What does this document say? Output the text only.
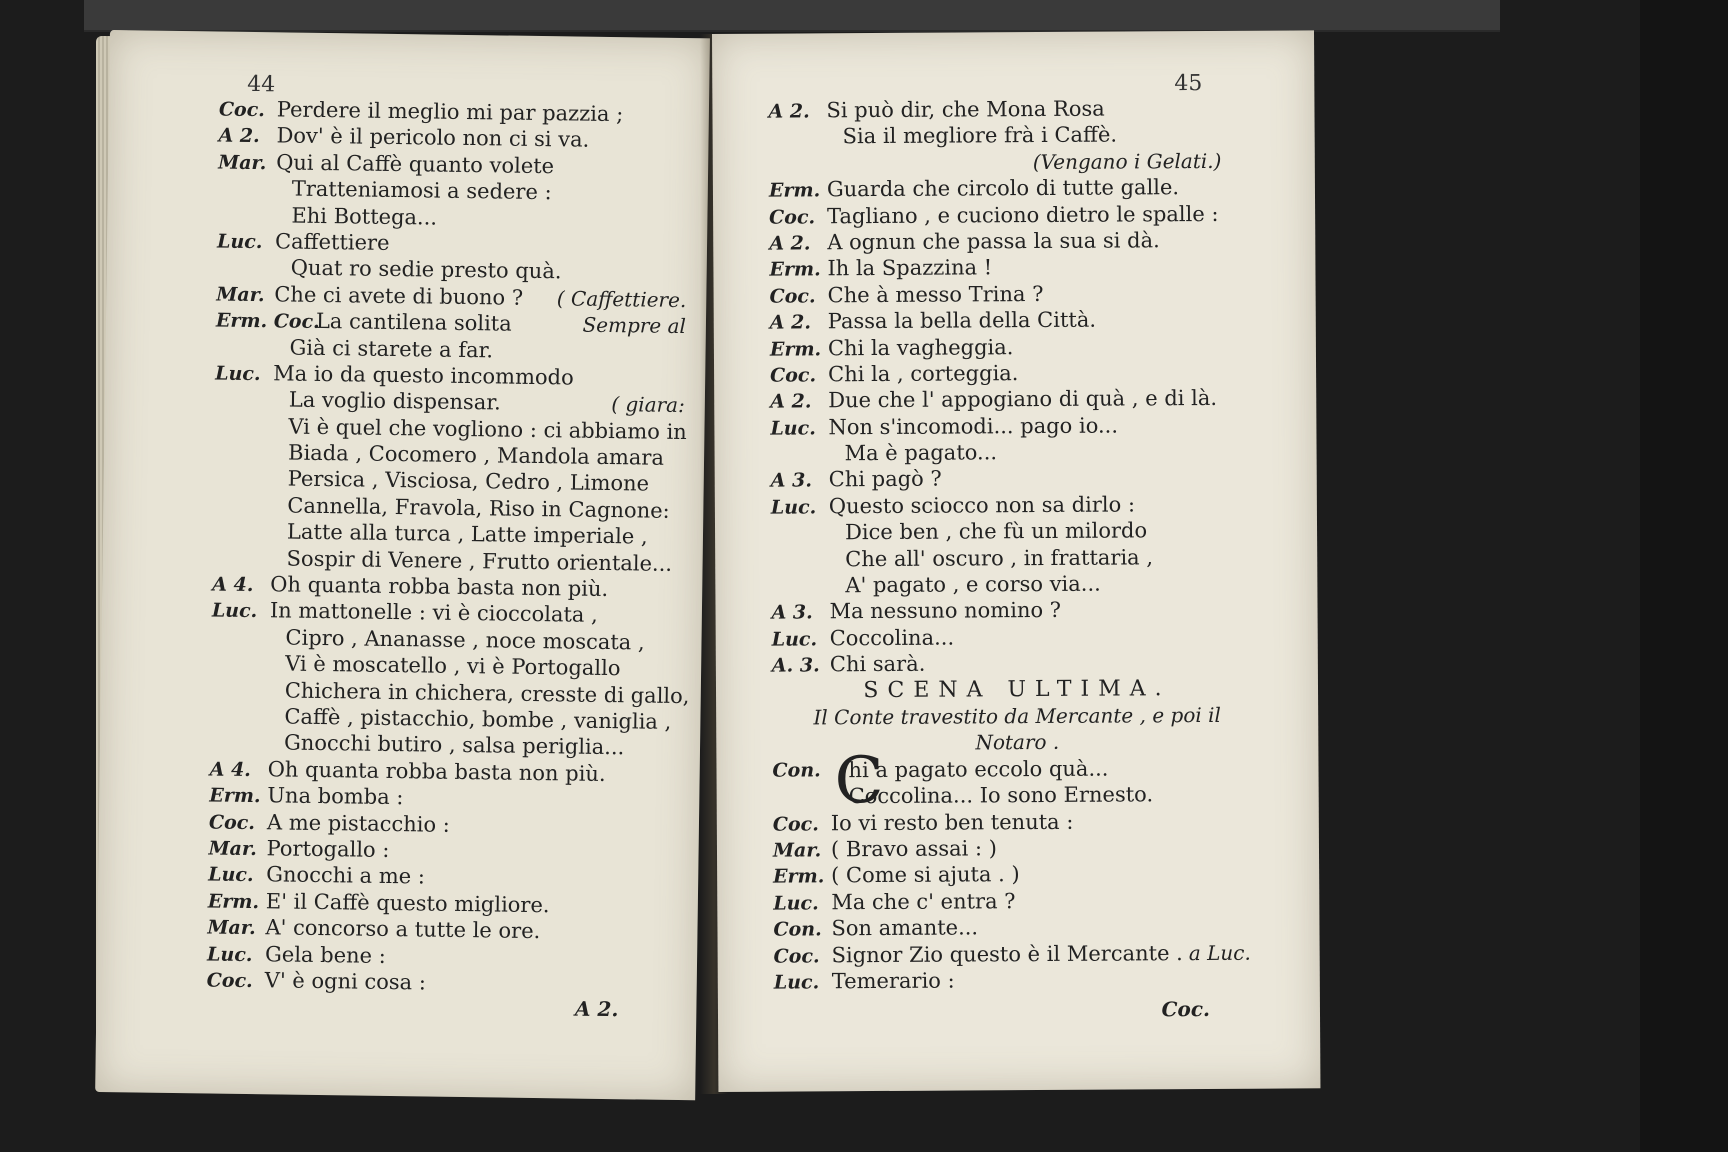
44
Coc. Perdere il meglio mi par pazzia ;
A 2. Dov' è il pericolo non ci si va.
Mar. Qui al Caffè quanto volete
Tratteniamosi a sedere :
Ehi Bottega...
Luc. Caffettiere
Quat ro sedie presto quà.
Mar. Che ci avete di buono ? ( Caffettiere.
Erm. Coc.La cantilena solita	Sempre al
Già ci starete a far.
Luc. Ma io da questo incommodo
La voglio dispensar.	( giara:
Vi è quel che vogliono : ci abbiamo in
Biada , Cocomero , Mandola amara
Persica , Visciosa, Cedro , Limone
Cannella, Fravola, Riso in Cagnone:
Latte alla turca , Latte imperiale ,
Sospir di Venere , Frutto orientale...
A 4. Oh quanta robba basta non più.
Luc. In mattonelle : vi è cioccolata ,
Cipro , Ananasse , noce moscata ,
Vi è moscatello , vi è Portogallo
Chichera in chichera, cresste di gallo,
Caffè , pistacchio, bombe , vaniglia ,
Gnocchi butiro , salsa periglia...
A 4. Oh quanta robba basta non più.
Erm. Una bomba :
Coc. A me pistacchio :
Mar. Portogallo :
Luc. Gnocchi a me :
Erm. E' il Caffè questo migliore.
Mar. A' concorso a tutte le ore.
Luc. Gela bene :
Coc. V' è ogni cosa :
A 2.
45
A 2. Si può dir, che Mona Rosa
Sia il megliore frà i Caffè.
(Vengano i Gelati.)
Erm. Guarda che circolo di tutte galle.
Coc. Tagliano , e cuciono dietro le spalle :
A 2. A ognun che passa la sua si dà.
Erm. Ih la Spazzina !
Coc. Che à messo Trina ?
A 2. Passa la bella della Città.
Erm. Chi la vagheggia.
Coc. Chi la , corteggia.
A 2. Due che l' appogiano di quà , e di là.
Luc. Non s'incomodi... pago io...
Ma è pagato...
A 3. Chi pagò ?
Luc. Questo sciocco non sa dirlo :
Dice ben , che fù un milordo
Che all' oscuro , in frattaria ,
A' pagato , e corso via...
A 3. Ma nessuno nomino ?
Luc. Coccolina...
A. 3. Chi sarà.
SCENA ULTIMA.
Il Conte travestito da Mercante , e poi il
Notaro .
Con. C
hi a pagato eccolo quà...
Coccolina... Io sono Ernesto.
Coc. Io vi resto ben tenuta :
Mar. ( Bravo assai : )
Erm. ( Come si ajuta . )
Luc. Ma che c' entra ?
Con. Son amante...
Coc. Signor Zio questo è il Mercante . a Luc.
Luc. Temerario :
Coc.
